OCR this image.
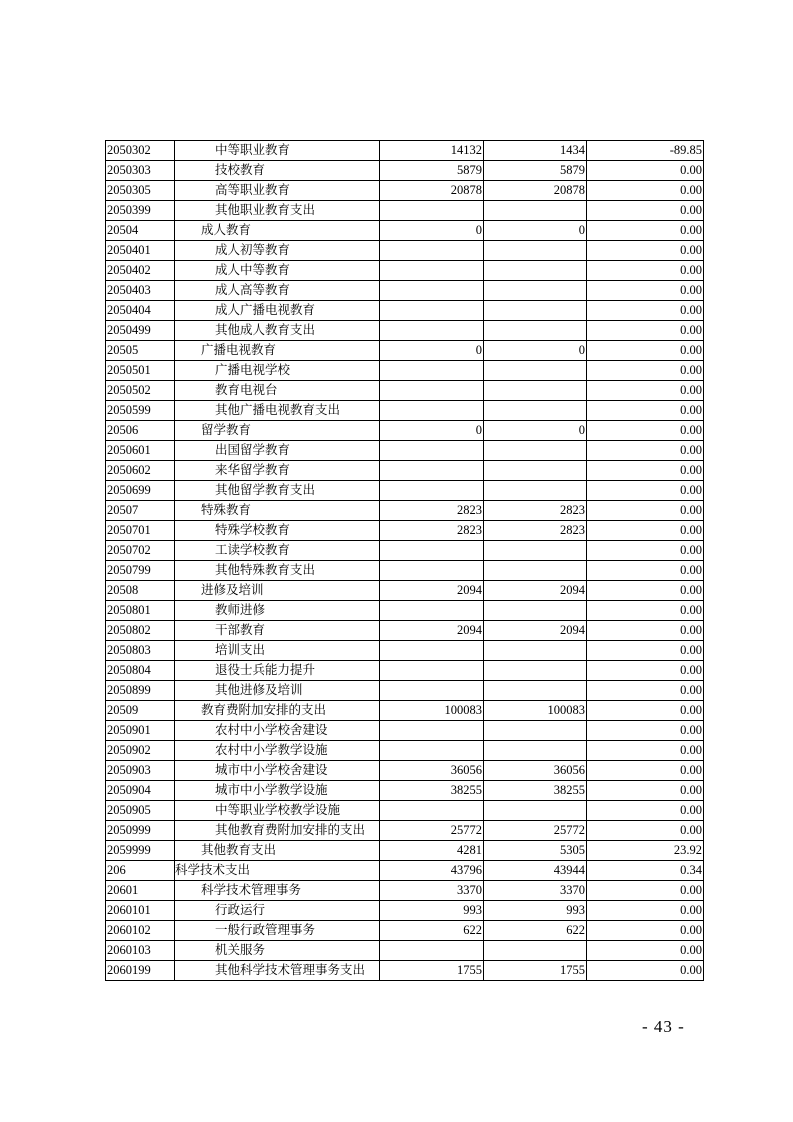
2050302	中等职业教育	14132	1434	-89.85
2050303	技校教育	5879	5879	0.00
2050305	高等职业教育	20878	20878	0.00
2050399	其他职业教育支出			0.00
20504	成人教育	0	0	0.00
2050401	成人初等教育			0.00
2050402	成人中等教育			0.00
2050403	成人高等教育			0.00
2050404	成人广播电视教育			0.00
2050499	其他成人教育支出			0.00
20505	广播电视教育	0	0	0.00
2050501	广播电视学校			0.00
2050502	教育电视台			0.00
2050599	其他广播电视教育支出			0.00
20506	留学教育	0	0	0.00
2050601	出国留学教育			0.00
2050602	来华留学教育			0.00
2050699	其他留学教育支出			0.00
20507	特殊教育	2823	2823	0.00
2050701	特殊学校教育	2823	2823	0.00
2050702	工读学校教育			0.00
2050799	其他特殊教育支出			0.00
20508	进修及培训	2094	2094	0.00
2050801	教师进修			0.00
2050802	干部教育	2094	2094	0.00
2050803	培训支出			0.00
2050804	退役士兵能力提升			0.00
2050899	其他进修及培训			0.00
20509	教育费附加安排的支出	100083	100083	0.00
2050901	农村中小学校舍建设			0.00
2050902	农村中小学教学设施			0.00
2050903	城市中小学校舍建设	36056	36056	0.00
2050904	城市中小学教学设施	38255	38255	0.00
2050905	中等职业学校教学设施			0.00
2050999	其他教育费附加安排的支出	25772	25772	0.00
2059999	其他教育支出	4281	5305	23.92
206	科学技术支出	43796	43944	0.34
20601	科学技术管理事务	3370	3370	0.00
2060101	行政运行	993	993	0.00
2060102	一般行政管理事务	622	622	0.00
2060103	机关服务			0.00
2060199	其他科学技术管理事务支出	1755	1755	0.00
- 43 -
